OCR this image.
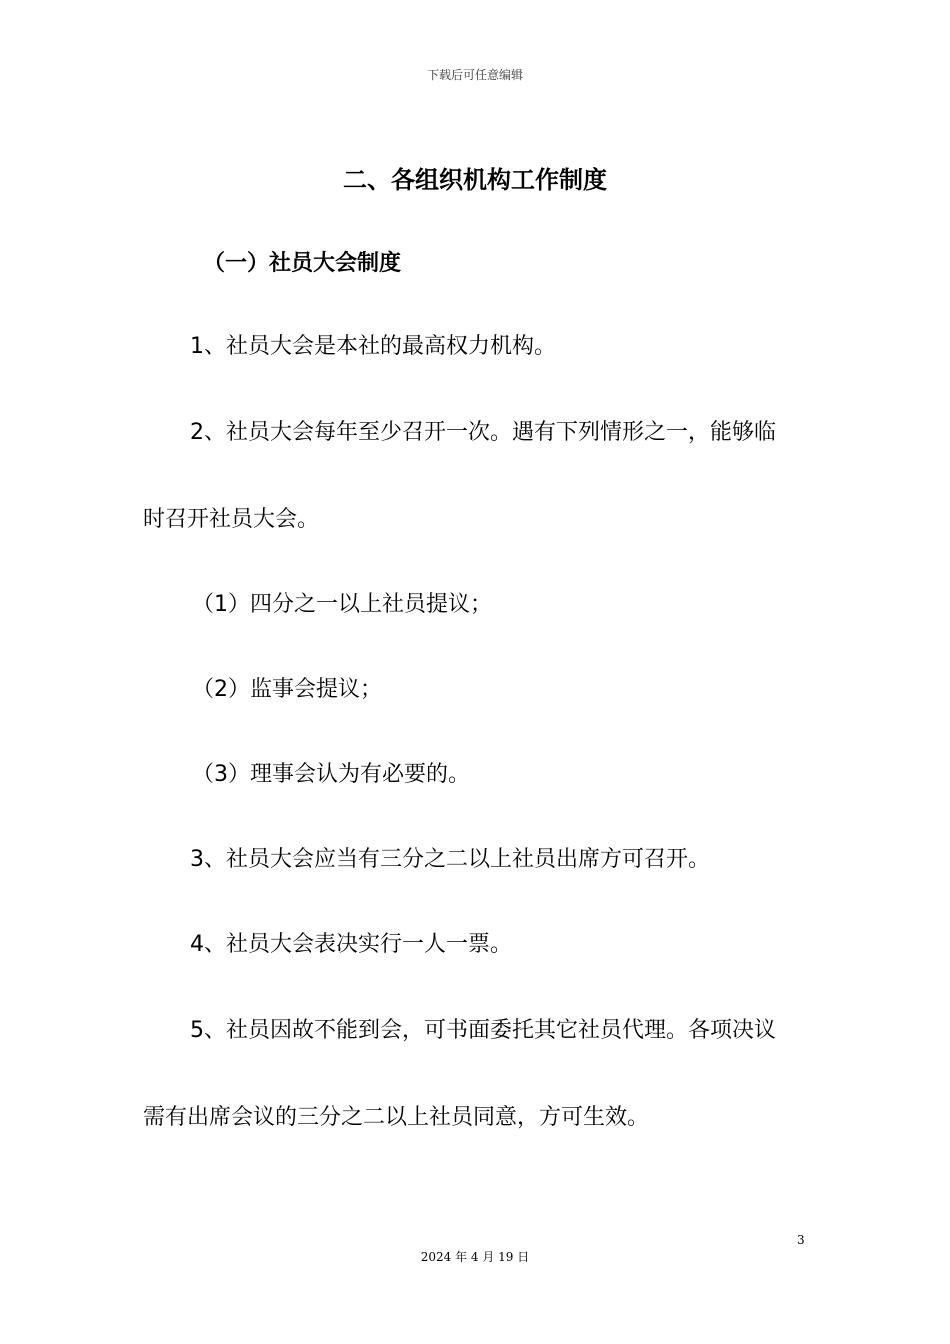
下载后可任意编辑
二、各组织机构工作制度
（一）社员大会制度
1、社员大会是本社的最高权力机构。
2、社员大会每年至少召开一次。遇有下列情形之一，能够临
时召开社员大会。
（1）四分之一以上社员提议；
（2）监事会提议；
（3）理事会认为有必要的。
3、社员大会应当有三分之二以上社员出席方可召开。
4、社员大会表决实行一人一票。
5、社员因故不能到会，可书面委托其它社员代理。各项决议
需有出席会议的三分之二以上社员同意，方可生效。
3
2024 年 4 月 19 日
